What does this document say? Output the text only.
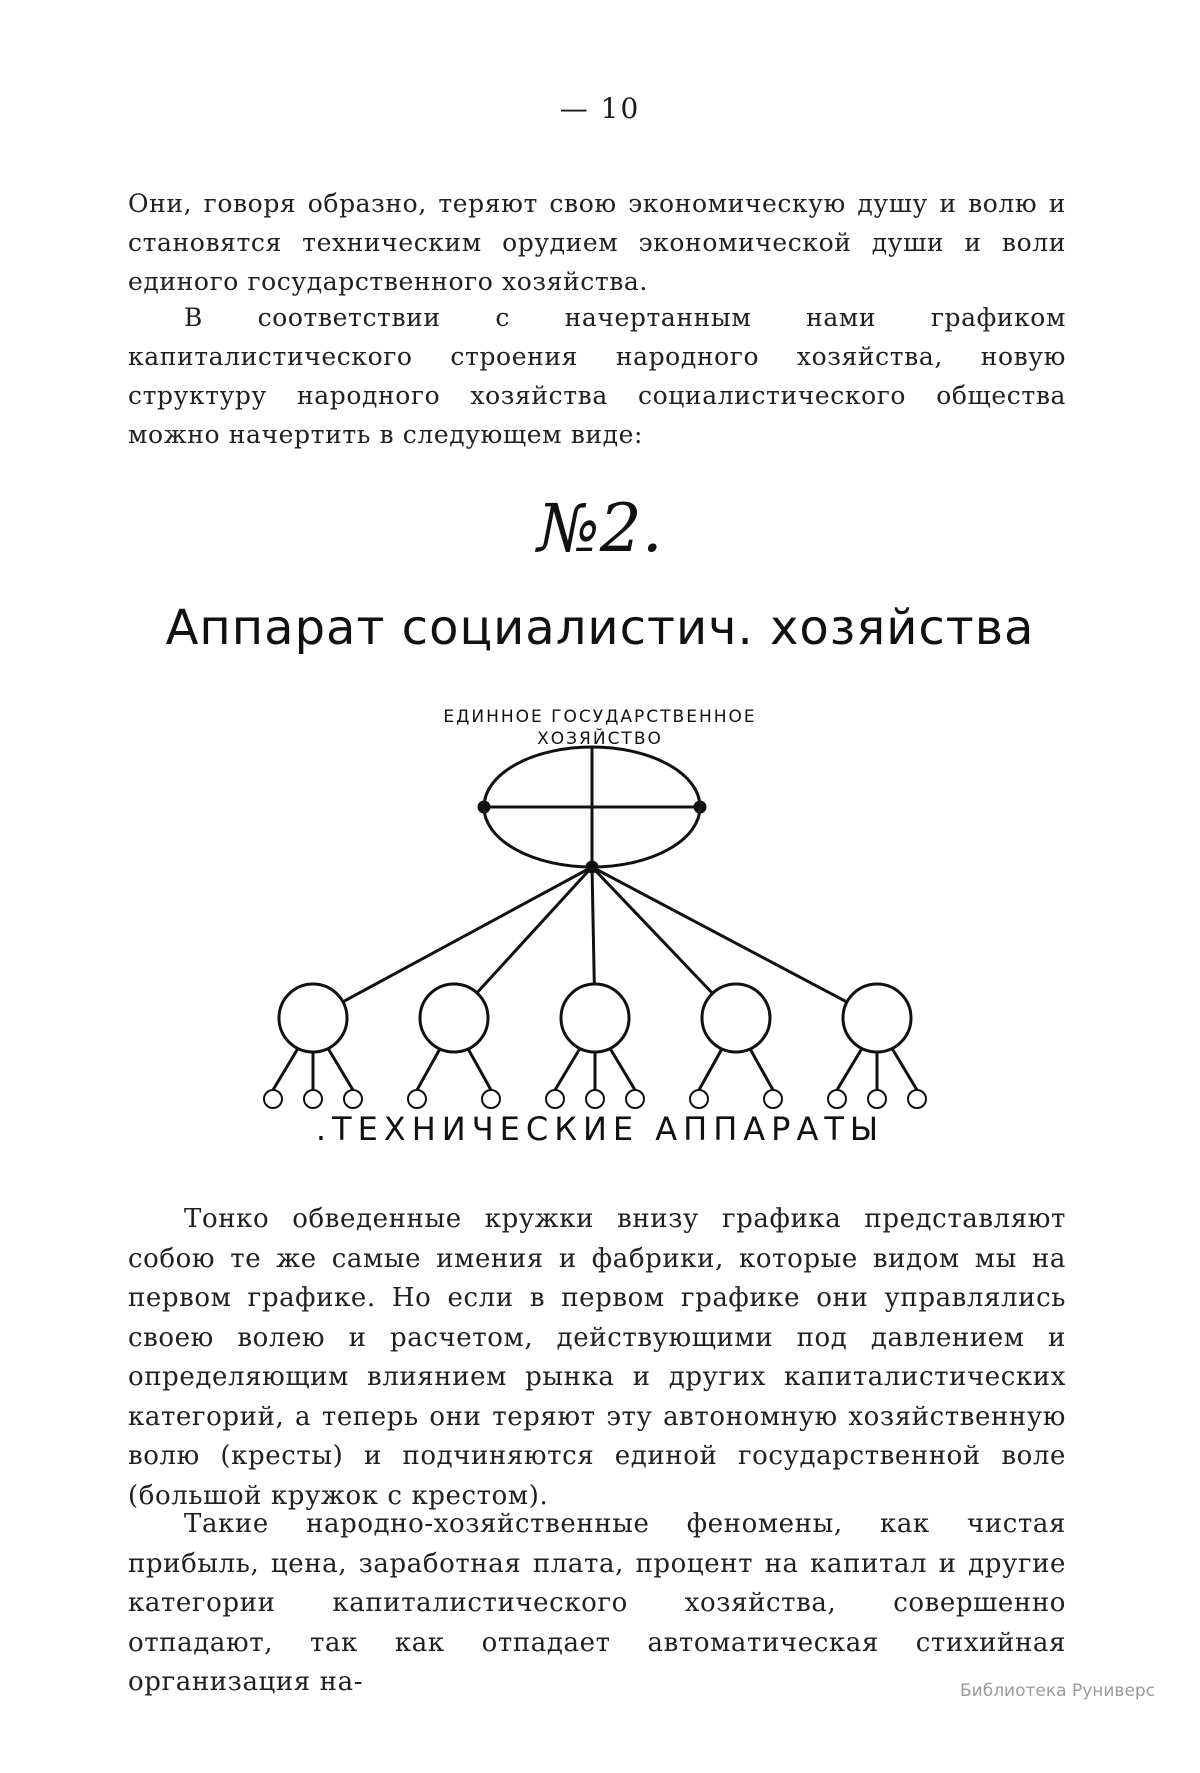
— 10
Они, говоря образно, теряют свою экономическую душу и волю и становятся техническим орудием экономической души и воли единого государственного хозяйства.
В соответствии с начертанным нами графиком капиталистического строения народного хозяйства, новую структуру народного хозяйства социалистического общества можно начертить в следующем виде:
№2.
Аппарат социалистич. хозяйства
ЕДИННОЕ ГОСУДАРСТВЕННОЕ
ХОЗЯЙСТВО
.ТЕХНИЧЕСКИЕ АППАРАТЫ
Тонко обведенные кружки внизу графика представляют собою те же самые имения и фабрики, которые видом мы на первом графике. Но если в первом графике они управлялись своею волею и расчетом, действующими под давлением и определяющим влиянием рынка и других капиталистических категорий, а теперь они теряют эту автономную хозяйственную волю (кресты) и подчиняются единой государственной воле (большой кружок с крестом).
Такие народно-хозяйственные феномены, как чистая прибыль, цена, заработная плата, процент на капитал и другие категории капиталистического хозяйства, совершенно отпадают, так как отпадает автоматическая стихийная организация на-	Библиотека Руниверс
